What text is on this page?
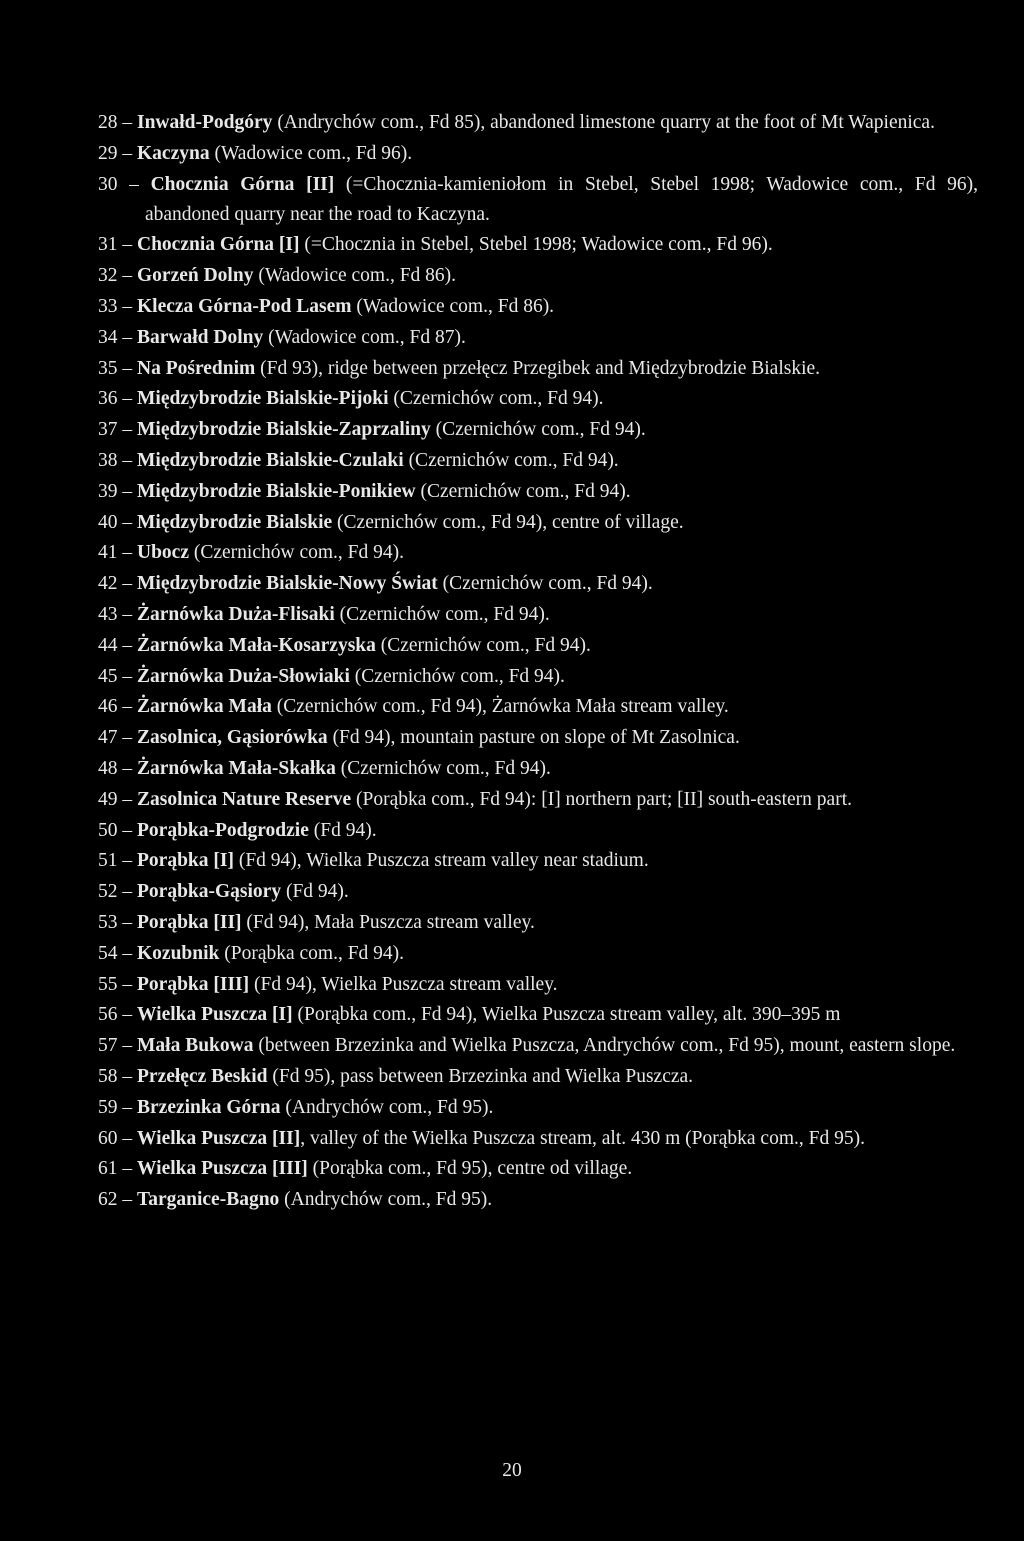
28 – Inwałd-Podgóry (Andrychów com., Fd 85), abandoned limestone quarry at the foot of Mt Wapienica.
29 – Kaczyna (Wadowice com., Fd 96).
30 – Chocznia Górna [II] (=Chocznia-kamieniołom in Stebel, Stebel 1998; Wadowice com., Fd 96), abandoned quarry near the road to Kaczyna.
31 – Chocznia Górna [I] (=Chocznia in Stebel, Stebel 1998; Wadowice com., Fd 96).
32 – Gorzeń Dolny (Wadowice com., Fd 86).
33 – Klecza Górna-Pod Lasem (Wadowice com., Fd 86).
34 – Barwałd Dolny (Wadowice com., Fd 87).
35 – Na Pośrednim (Fd 93), ridge between przełęcz Przegibek and Międzybrodzie Bialskie.
36 – Międzybrodzie Bialskie-Pijoki (Czernichów com., Fd 94).
37 – Międzybrodzie Bialskie-Zaprzaliny (Czernichów com., Fd 94).
38 – Międzybrodzie Bialskie-Czulaki (Czernichów com., Fd 94).
39 – Międzybrodzie Bialskie-Ponikiew (Czernichów com., Fd 94).
40 – Międzybrodzie Bialskie (Czernichów com., Fd 94), centre of village.
41 – Ubocz (Czernichów com., Fd 94).
42 – Międzybrodzie Bialskie-Nowy Świat (Czernichów com., Fd 94).
43 – Żarnówka Duża-Flisaki (Czernichów com., Fd 94).
44 – Żarnówka Mała-Kosarzyska (Czernichów com., Fd 94).
45 – Żarnówka Duża-Słowiaki (Czernichów com., Fd 94).
46 – Żarnówka Mała (Czernichów com., Fd 94), Żarnówka Mała stream valley.
47 – Zasolnica, Gąsiorówka (Fd 94), mountain pasture on slope of Mt Zasolnica.
48 – Żarnówka Mała-Skałka (Czernichów com., Fd 94).
49 – Zasolnica Nature Reserve (Porąbka com., Fd 94): [I] northern part; [II] south-eastern part.
50 – Porąbka-Podgrodzie (Fd 94).
51 – Porąbka [I] (Fd 94), Wielka Puszcza stream valley near stadium.
52 – Porąbka-Gąsiory (Fd 94).
53 – Porąbka [II] (Fd 94), Mała Puszcza stream valley.
54 – Kozubnik (Porąbka com., Fd 94).
55 – Porąbka [III] (Fd 94), Wielka Puszcza stream valley.
56 – Wielka Puszcza [I] (Porąbka com., Fd 94), Wielka Puszcza stream valley, alt. 390–395 m
57 – Mała Bukowa (between Brzezinka and Wielka Puszcza, Andrychów com., Fd 95), mount, eastern slope.
58 – Przełęcz Beskid (Fd 95), pass between Brzezinka and Wielka Puszcza.
59 – Brzezinka Górna (Andrychów com., Fd 95).
60 – Wielka Puszcza [II], valley of the Wielka Puszcza stream, alt. 430 m (Porąbka com., Fd 95).
61 – Wielka Puszcza [III] (Porąbka com., Fd 95), centre od village.
62 – Targanice-Bagno (Andrychów com., Fd 95).
20
